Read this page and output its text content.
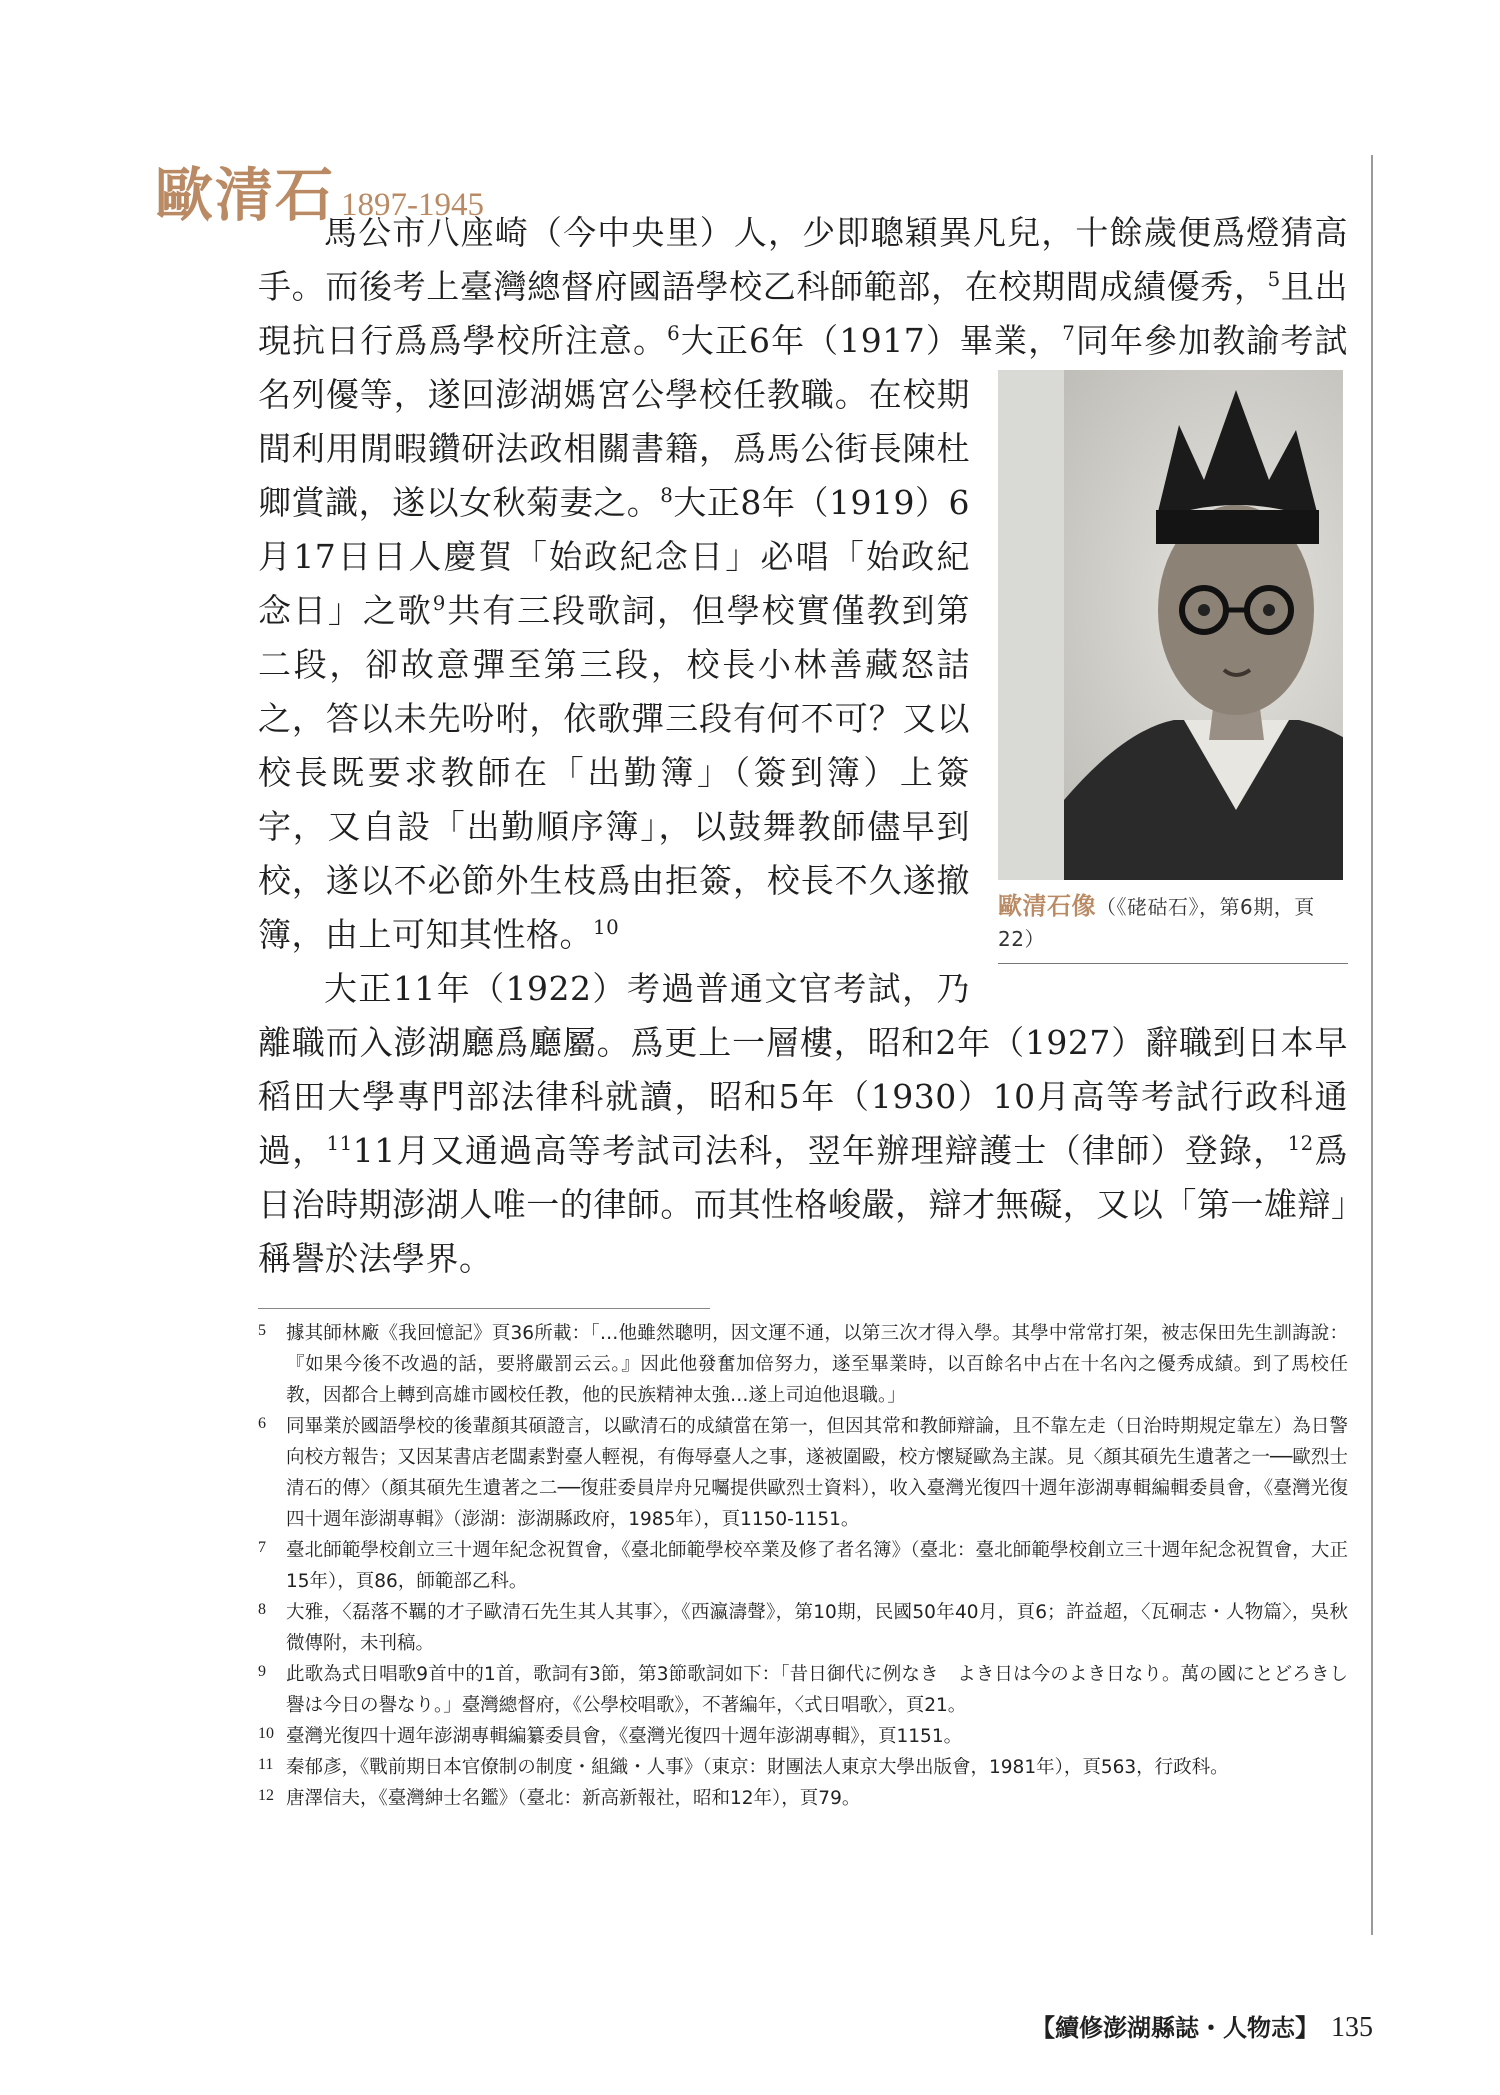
歐清石 1897-1945

馬公市八座崎（今中央里）人，少即聰穎異凡兒，十餘歲便爲燈猜高手。而後考上臺灣總督府國語學校乙科師範部，在校期間成績優秀，$^5$且出現抗日行爲爲學校所注意。$^6$大正6年（1917）畢業，$^7$
歐清石像（《硓𥑮石》，第6期，頁22）
同年參加教諭考試名列優等，遂回澎湖媽宮公學校任教職。在校期間利用閒暇鑽研法政相關書籍，爲馬公街長陳杜卿賞識，遂以女秋菊妻之。$^8$大正8年（1919）6月17日日人慶賀「始政紀念日」必唱「始政紀念日」之歌$^9$共有三段歌詞，但學校實僅教到第二段，卻故意彈至第三段，校長小林善藏怒詰之，答以未先吩咐，依歌彈三段有何不可？又以校長既要求教師在「出勤簿」（簽到簿）上簽字，又自設「出勤順序簿」，以鼓舞教師儘早到校，遂以不必節外生枝爲由拒簽，校長不久遂撤簿，由上可知其性格。$^{10}$

大正11年（1922）考過普通文官考試，乃離職而入澎湖廳爲廳屬。爲更上一層樓，昭和2年（1927）辭職到日本早稻田大學專門部法律科就讀，昭和5年（1930）10月高等考試行政科通過，$^{11}$11月又通過高等考試司法科，翌年辦理辯護士（律師）登錄，$^{12}$爲日治時期澎湖人唯一的律師。而其性格峻嚴，辯才無礙，又以「第一雄辯」稱譽於法學界。

5 據其師林廠《我回憶記》頁36所載：「…他雖然聰明，因文運不通，以第三次才得入學。其學中常常打架，被志保田先生訓誨說：『如果今後不改過的話，要將嚴罰云云。』因此他發奮加倍努力，遂至畢業時，以百餘名中占在十名內之優秀成績。到了馬校任教，因都合上轉到高雄市國校任教，他的民族精神太強…遂上司迫他退職。」
6 同畢業於國語學校的後輩顏其碩證言，以歐清石的成績當在第一，但因其常和教師辯論，且不靠左走（日治時期規定靠左）為日警向校方報告；又因某書店老闆素對臺人輕視，有侮辱臺人之事，遂被圍毆，校方懷疑歐為主謀。見〈顏其碩先生遺著之一──歐烈士清石的傳〉（顏其碩先生遺著之二──復莊委員岸舟兄囑提供歐烈士資料），收入臺灣光復四十週年澎湖專輯編輯委員會，《臺灣光復四十週年澎湖專輯》（澎湖：澎湖縣政府，1985年），頁1150-1151。
7 臺北師範學校創立三十週年紀念祝賀會，《臺北師範學校卒業及修了者名簿》（臺北：臺北師範學校創立三十週年紀念祝賀會，大正15年），頁86，師範部乙科。
8 大雅，〈磊落不羈的才子歐清石先生其人其事〉，《西瀛濤聲》，第10期，民國50年40月，頁6；許益超，〈瓦硐志・人物篇〉，吳秋微傳附，未刊稿。
9 此歌為式日唱歌9首中的1首，歌詞有3節，第3節歌詞如下：「昔日御代に例なき　よき日は今のよき日なり。萬の國にとどろきし　譽は今日の譽なり。」臺灣總督府，《公學校唱歌》，不著編年，〈式日唱歌〉，頁21。
10 臺灣光復四十週年澎湖專輯編纂委員會，《臺灣光復四十週年澎湖專輯》，頁1151。
11 秦郁彥，《戰前期日本官僚制の制度・組織・人事》（東京：財團法人東京大學出版會，1981年），頁563，行政科。
12 唐澤信夫，《臺灣紳士名鑑》（臺北：新高新報社，昭和12年），頁79。
【續修澎湖縣誌・人物志】 135
